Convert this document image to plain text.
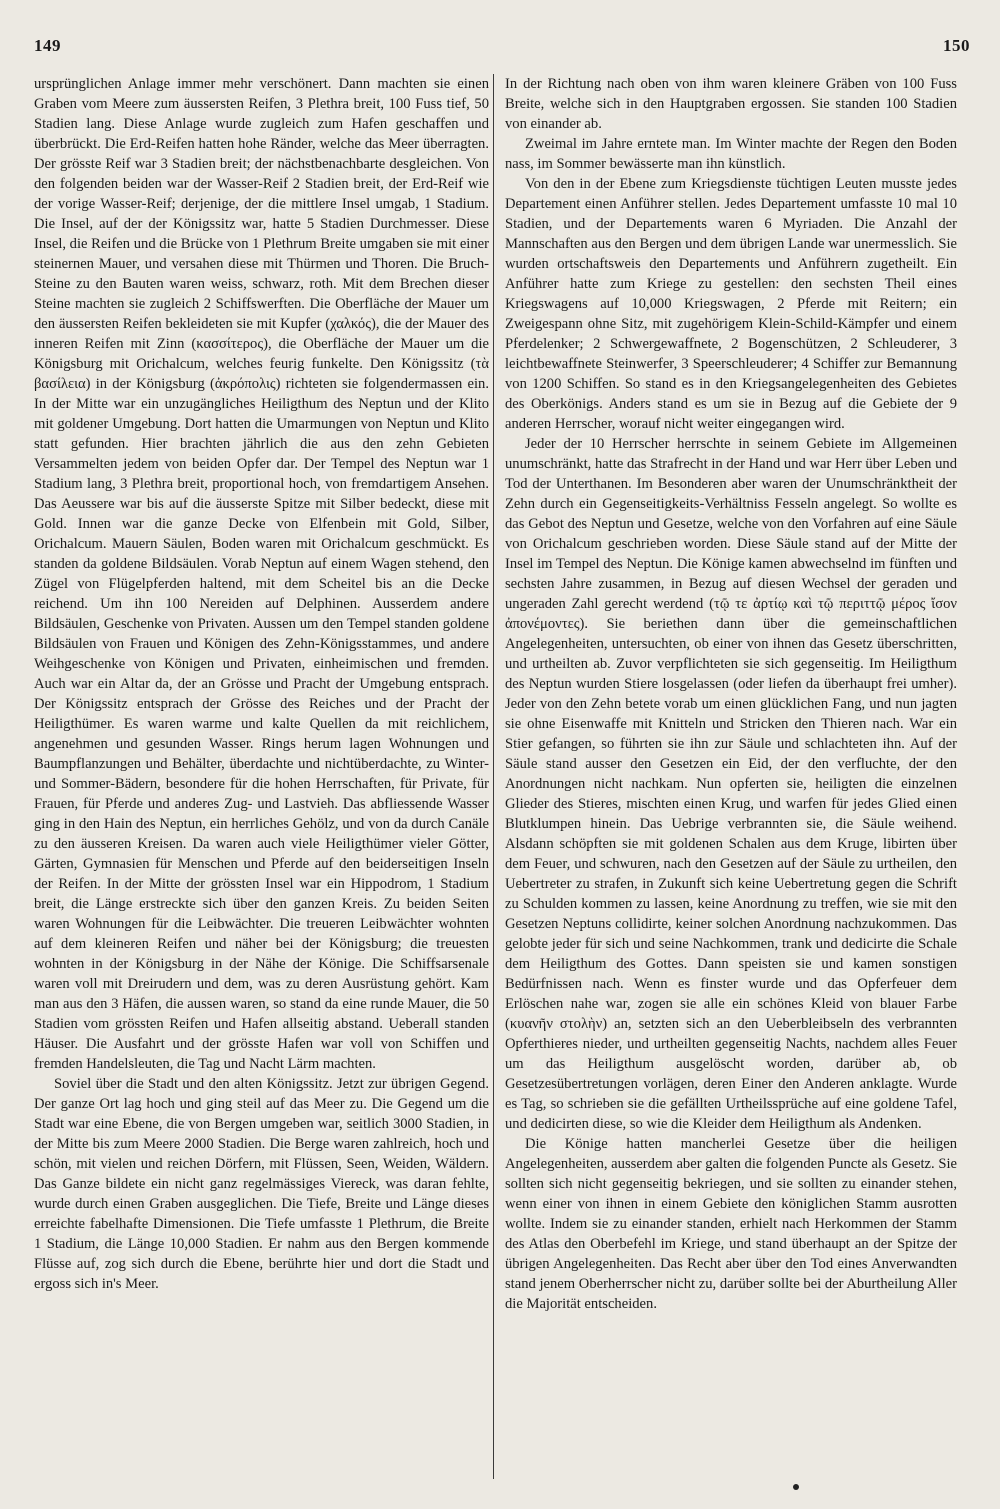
149	150

ursprünglichen Anlage immer mehr verschönert. Dann machten sie einen Graben vom Meere zum äussersten Reifen, 3 Plethra breit, 100 Fuss tief, 50 Stadien lang. Diese Anlage wurde zugleich zum Hafen geschaffen und überbrückt. Die Erd-Reifen hatten hohe Ränder, welche das Meer überragten. Der grösste Reif war 3 Stadien breit; der nächstbenachbarte desgleichen. Von den folgenden beiden war der Wasser-Reif 2 Stadien breit, der Erd-Reif wie der vorige Wasser-Reif; derjenige, der die mittlere Insel umgab, 1 Stadium. Die Insel, auf der der Königssitz war, hatte 5 Stadien Durchmesser. Diese Insel, die Reifen und die Brücke von 1 Plethrum Breite umgaben sie mit einer steinernen Mauer, und versahen diese mit Thürmen und Thoren. Die Bruch-Steine zu den Bauten waren weiss, schwarz, roth. Mit dem Brechen dieser Steine machten sie zugleich 2 Schiffswerften. Die Oberfläche der Mauer um den äussersten Reifen bekleideten sie mit Kupfer (χαλκός), die der Mauer des inneren Reifen mit Zinn (κασσίτερος), die Oberfläche der Mauer um die Königsburg mit Orichalcum, welches feurig funkelte. Den Königssitz (τὰ βασίλεια) in der Königsburg (ἀκρόπολις) richteten sie folgendermassen ein. In der Mitte war ein unzugängliches Heiligthum des Neptun und der Klito mit goldener Umgebung. Dort hatten die Umarmungen von Neptun und Klito statt gefunden. Hier brachten jährlich die aus den zehn Gebieten Versammelten jedem von beiden Opfer dar. Der Tempel des Neptun war 1 Stadium lang, 3 Plethra breit, proportional hoch, von fremdartigem Ansehen. Das Aeussere war bis auf die äusserste Spitze mit Silber bedeckt, diese mit Gold. Innen war die ganze Decke von Elfenbein mit Gold, Silber, Orichalcum. Mauern Säulen, Boden waren mit Orichalcum geschmückt. Es standen da goldene Bildsäulen. Vorab Neptun auf einem Wagen stehend, den Zügel von Flügelpferden haltend, mit dem Scheitel bis an die Decke reichend. Um ihn 100 Nereiden auf Delphinen. Ausserdem andere Bildsäulen, Geschenke von Privaten. Aussen um den Tempel standen goldene Bildsäulen von Frauen und Königen des Zehn-Königsstammes, und andere Weihgeschenke von Königen und Privaten, einheimischen und fremden. Auch war ein Altar da, der an Grösse und Pracht der Umgebung entsprach. Der Königssitz entsprach der Grösse des Reiches und der Pracht der Heiligthümer. Es waren warme und kalte Quellen da mit reichlichem, angenehmen und gesunden Wasser. Rings herum lagen Wohnungen und Baumpflanzungen und Behälter, überdachte und nichtüberdachte, zu Winter- und Sommer-Bädern, besondere für die hohen Herrschaften, für Private, für Frauen, für Pferde und anderes Zug- und Lastvieh. Das abfliessende Wasser ging in den Hain des Neptun, ein herrliches Gehölz, und von da durch Canäle zu den äusseren Kreisen. Da waren auch viele Heiligthümer vieler Götter, Gärten, Gymnasien für Menschen und Pferde auf den beiderseitigen Inseln der Reifen. In der Mitte der grössten Insel war ein Hippodrom, 1 Stadium breit, die Länge erstreckte sich über den ganzen Kreis. Zu beiden Seiten waren Wohnungen für die Leibwächter. Die treueren Leibwächter wohnten auf dem kleineren Reifen und näher bei der Königsburg; die treuesten wohnten in der Königsburg in der Nähe der Könige. Die Schiffsarsenale waren voll mit Dreirudern und dem, was zu deren Ausrüstung gehört. Kam man aus den 3 Häfen, die aussen waren, so stand da eine runde Mauer, die 50 Stadien vom grössten Reifen und Hafen allseitig abstand. Ueberall standen Häuser. Die Ausfahrt und der grösste Hafen war voll von Schiffen und fremden Handelsleuten, die Tag und Nacht Lärm machten.

Soviel über die Stadt und den alten Königssitz. Jetzt zur übrigen Gegend. Der ganze Ort lag hoch und ging steil auf das Meer zu. Die Gegend um die Stadt war eine Ebene, die von Bergen umgeben war, seitlich 3000 Stadien, in der Mitte bis zum Meere 2000 Stadien. Die Berge waren zahlreich, hoch und schön, mit vielen und reichen Dörfern, mit Flüssen, Seen, Weiden, Wäldern. Das Ganze bildete ein nicht ganz regelmässiges Viereck, was daran fehlte, wurde durch einen Graben ausgeglichen. Die Tiefe, Breite und Länge dieses erreichte fabelhafte Dimensionen. Die Tiefe umfasste 1 Plethrum, die Breite 1 Stadium, die Länge 10,000 Stadien. Er nahm aus den Bergen kommende Flüsse auf, zog sich durch die Ebene, berührte hier und dort die Stadt und ergoss sich in's Meer.

In der Richtung nach oben von ihm waren kleinere Gräben von 100 Fuss Breite, welche sich in den Hauptgraben ergossen. Sie standen 100 Stadien von einander ab.

Zweimal im Jahre erntete man. Im Winter machte der Regen den Boden nass, im Sommer bewässerte man ihn künstlich.

Von den in der Ebene zum Kriegsdienste tüchtigen Leuten musste jedes Departement einen Anführer stellen. Jedes Departement umfasste 10 mal 10 Stadien, und der Departements waren 6 Myriaden. Die Anzahl der Mannschaften aus den Bergen und dem übrigen Lande war unermesslich. Sie wurden ortschaftsweis den Departements und Anführern zugetheilt. Ein Anführer hatte zum Kriege zu gestellen: den sechsten Theil eines Kriegswagens auf 10,000 Kriegswagen, 2 Pferde mit Reitern; ein Zweigespann ohne Sitz, mit zugehörigem Klein-Schild-Kämpfer und einem Pferdelenker; 2 Schwergewaffnete, 2 Bogenschützen, 2 Schleuderer, 3 leichtbewaffnete Steinwerfer, 3 Speerschleuderer; 4 Schiffer zur Bemannung von 1200 Schiffen. So stand es in den Kriegsangelegenheiten des Gebietes des Oberkönigs. Anders stand es um sie in Bezug auf die Gebiete der 9 anderen Herrscher, worauf nicht weiter eingegangen wird.

Jeder der 10 Herrscher herrschte in seinem Gebiete im Allgemeinen unumschränkt, hatte das Strafrecht in der Hand und war Herr über Leben und Tod der Unterthanen. Im Besonderen aber waren der Unumschränktheit der Zehn durch ein Gegenseitigkeits-Verhältniss Fesseln angelegt. So wollte es das Gebot des Neptun und Gesetze, welche von den Vorfahren auf eine Säule von Orichalcum geschrieben worden. Diese Säule stand auf der Mitte der Insel im Tempel des Neptun. Die Könige kamen abwechselnd im fünften und sechsten Jahre zusammen, in Bezug auf diesen Wechsel der geraden und ungeraden Zahl gerecht werdend (τῷ τε ἀρτίῳ καὶ τῷ περιττῷ μέρος ἴσον ἀπονέμοντες). Sie beriethen dann über die gemeinschaftlichen Angelegenheiten, untersuchten, ob einer von ihnen das Gesetz überschritten, und urtheilten ab. Zuvor verpflichteten sie sich gegenseitig. Im Heiligthum des Neptun wurden Stiere losgelassen (oder liefen da überhaupt frei umher). Jeder von den Zehn betete vorab um einen glücklichen Fang, und nun jagten sie ohne Eisenwaffe mit Knitteln und Stricken den Thieren nach. War ein Stier gefangen, so führten sie ihn zur Säule und schlachteten ihn. Auf der Säule stand ausser den Gesetzen ein Eid, der den verfluchte, der den Anordnungen nicht nachkam. Nun opferten sie, heiligten die einzelnen Glieder des Stieres, mischten einen Krug, und warfen für jedes Glied einen Blutklumpen hinein. Das Uebrige verbrannten sie, die Säule weihend. Alsdann schöpften sie mit goldenen Schalen aus dem Kruge, libirten über dem Feuer, und schwuren, nach den Gesetzen auf der Säule zu urtheilen, den Uebertreter zu strafen, in Zukunft sich keine Uebertretung gegen die Schrift zu Schulden kommen zu lassen, keine Anordnung zu treffen, wie sie mit den Gesetzen Neptuns collidirte, keiner solchen Anordnung nachzukommen. Das gelobte jeder für sich und seine Nachkommen, trank und dedicirte die Schale dem Heiligthum des Gottes. Dann speisten sie und kamen sonstigen Bedürfnissen nach. Wenn es finster wurde und das Opferfeuer dem Erlöschen nahe war, zogen sie alle ein schönes Kleid von blauer Farbe (κυανῆν στολὴν) an, setzten sich an den Ueberbleibseln des verbrannten Opferthieres nieder, und urtheilten gegenseitig Nachts, nachdem alles Feuer um das Heiligthum ausgelöscht worden, darüber ab, ob Gesetzesübertretungen vorlägen, deren Einer den Anderen anklagte. Wurde es Tag, so schrieben sie die gefällten Urtheilssprüche auf eine goldene Tafel, und dedicirten diese, so wie die Kleider dem Heiligthum als Andenken.

Die Könige hatten mancherlei Gesetze über die heiligen Angelegenheiten, ausserdem aber galten die folgenden Puncte als Gesetz. Sie sollten sich nicht gegenseitig bekriegen, und sie sollten zu einander stehen, wenn einer von ihnen in einem Gebiete den königlichen Stamm ausrotten wollte. Indem sie zu einander standen, erhielt nach Herkommen der Stamm des Atlas den Oberbefehl im Kriege, und stand überhaupt an der Spitze der übrigen Angelegenheiten. Das Recht aber über den Tod eines Anverwandten stand jenem Oberherrscher nicht zu, darüber sollte bei der Aburtheilung Aller die Majorität entscheiden.
